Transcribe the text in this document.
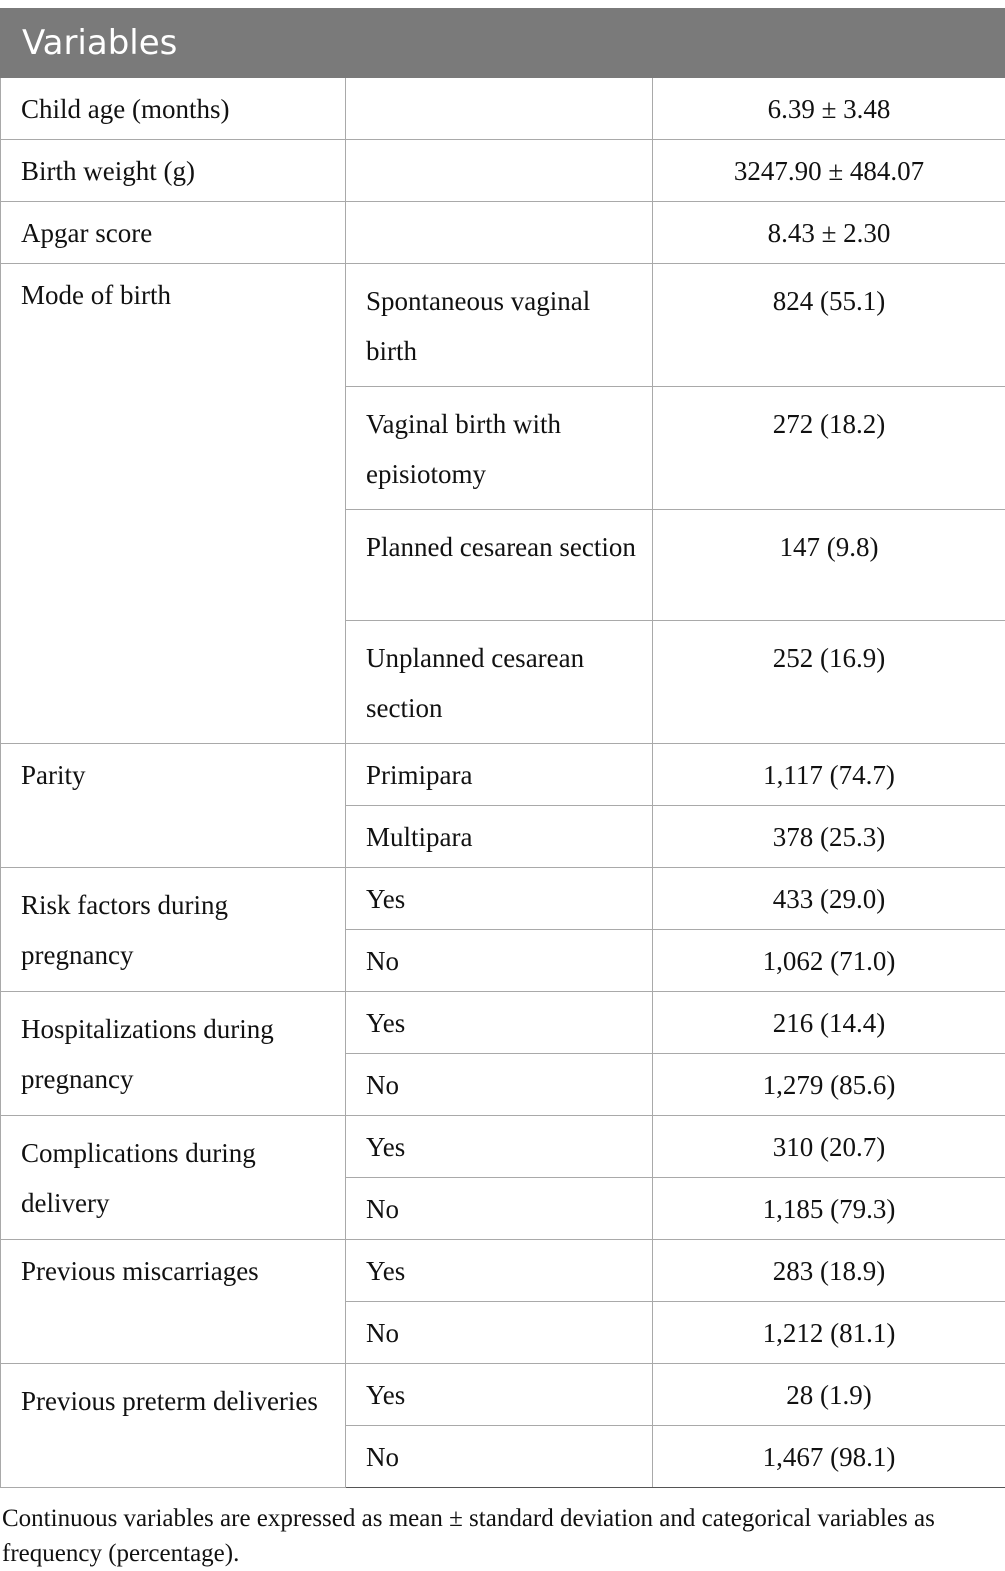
Variables		
Child age (months)		6.39 ± 3.48
Birth weight (g)		3247.90 ± 484.07
Apgar score		8.43 ± 2.30
Mode of birth	Spontaneous vaginal birth	824 (55.1)
	Vaginal birth with episiotomy	272 (18.2)
	Planned cesarean section	147 (9.8)
	Unplanned cesarean section	252 (16.9)
Parity	Primipara	1,117 (74.7)
	Multipara	378 (25.3)
Risk factors during pregnancy	Yes	433 (29.0)
	No	1,062 (71.0)
Hospitalizations during pregnancy	Yes	216 (14.4)
	No	1,279 (85.6)
Complications during delivery	Yes	310 (20.7)
	No	1,185 (79.3)
Previous miscarriages	Yes	283 (18.9)
	No	1,212 (81.1)
Previous preterm deliveries	Yes	28 (1.9)
	No	1,467 (98.1)

Continuous variables are expressed as mean ± standard deviation and categorical variables as frequency (percentage).
